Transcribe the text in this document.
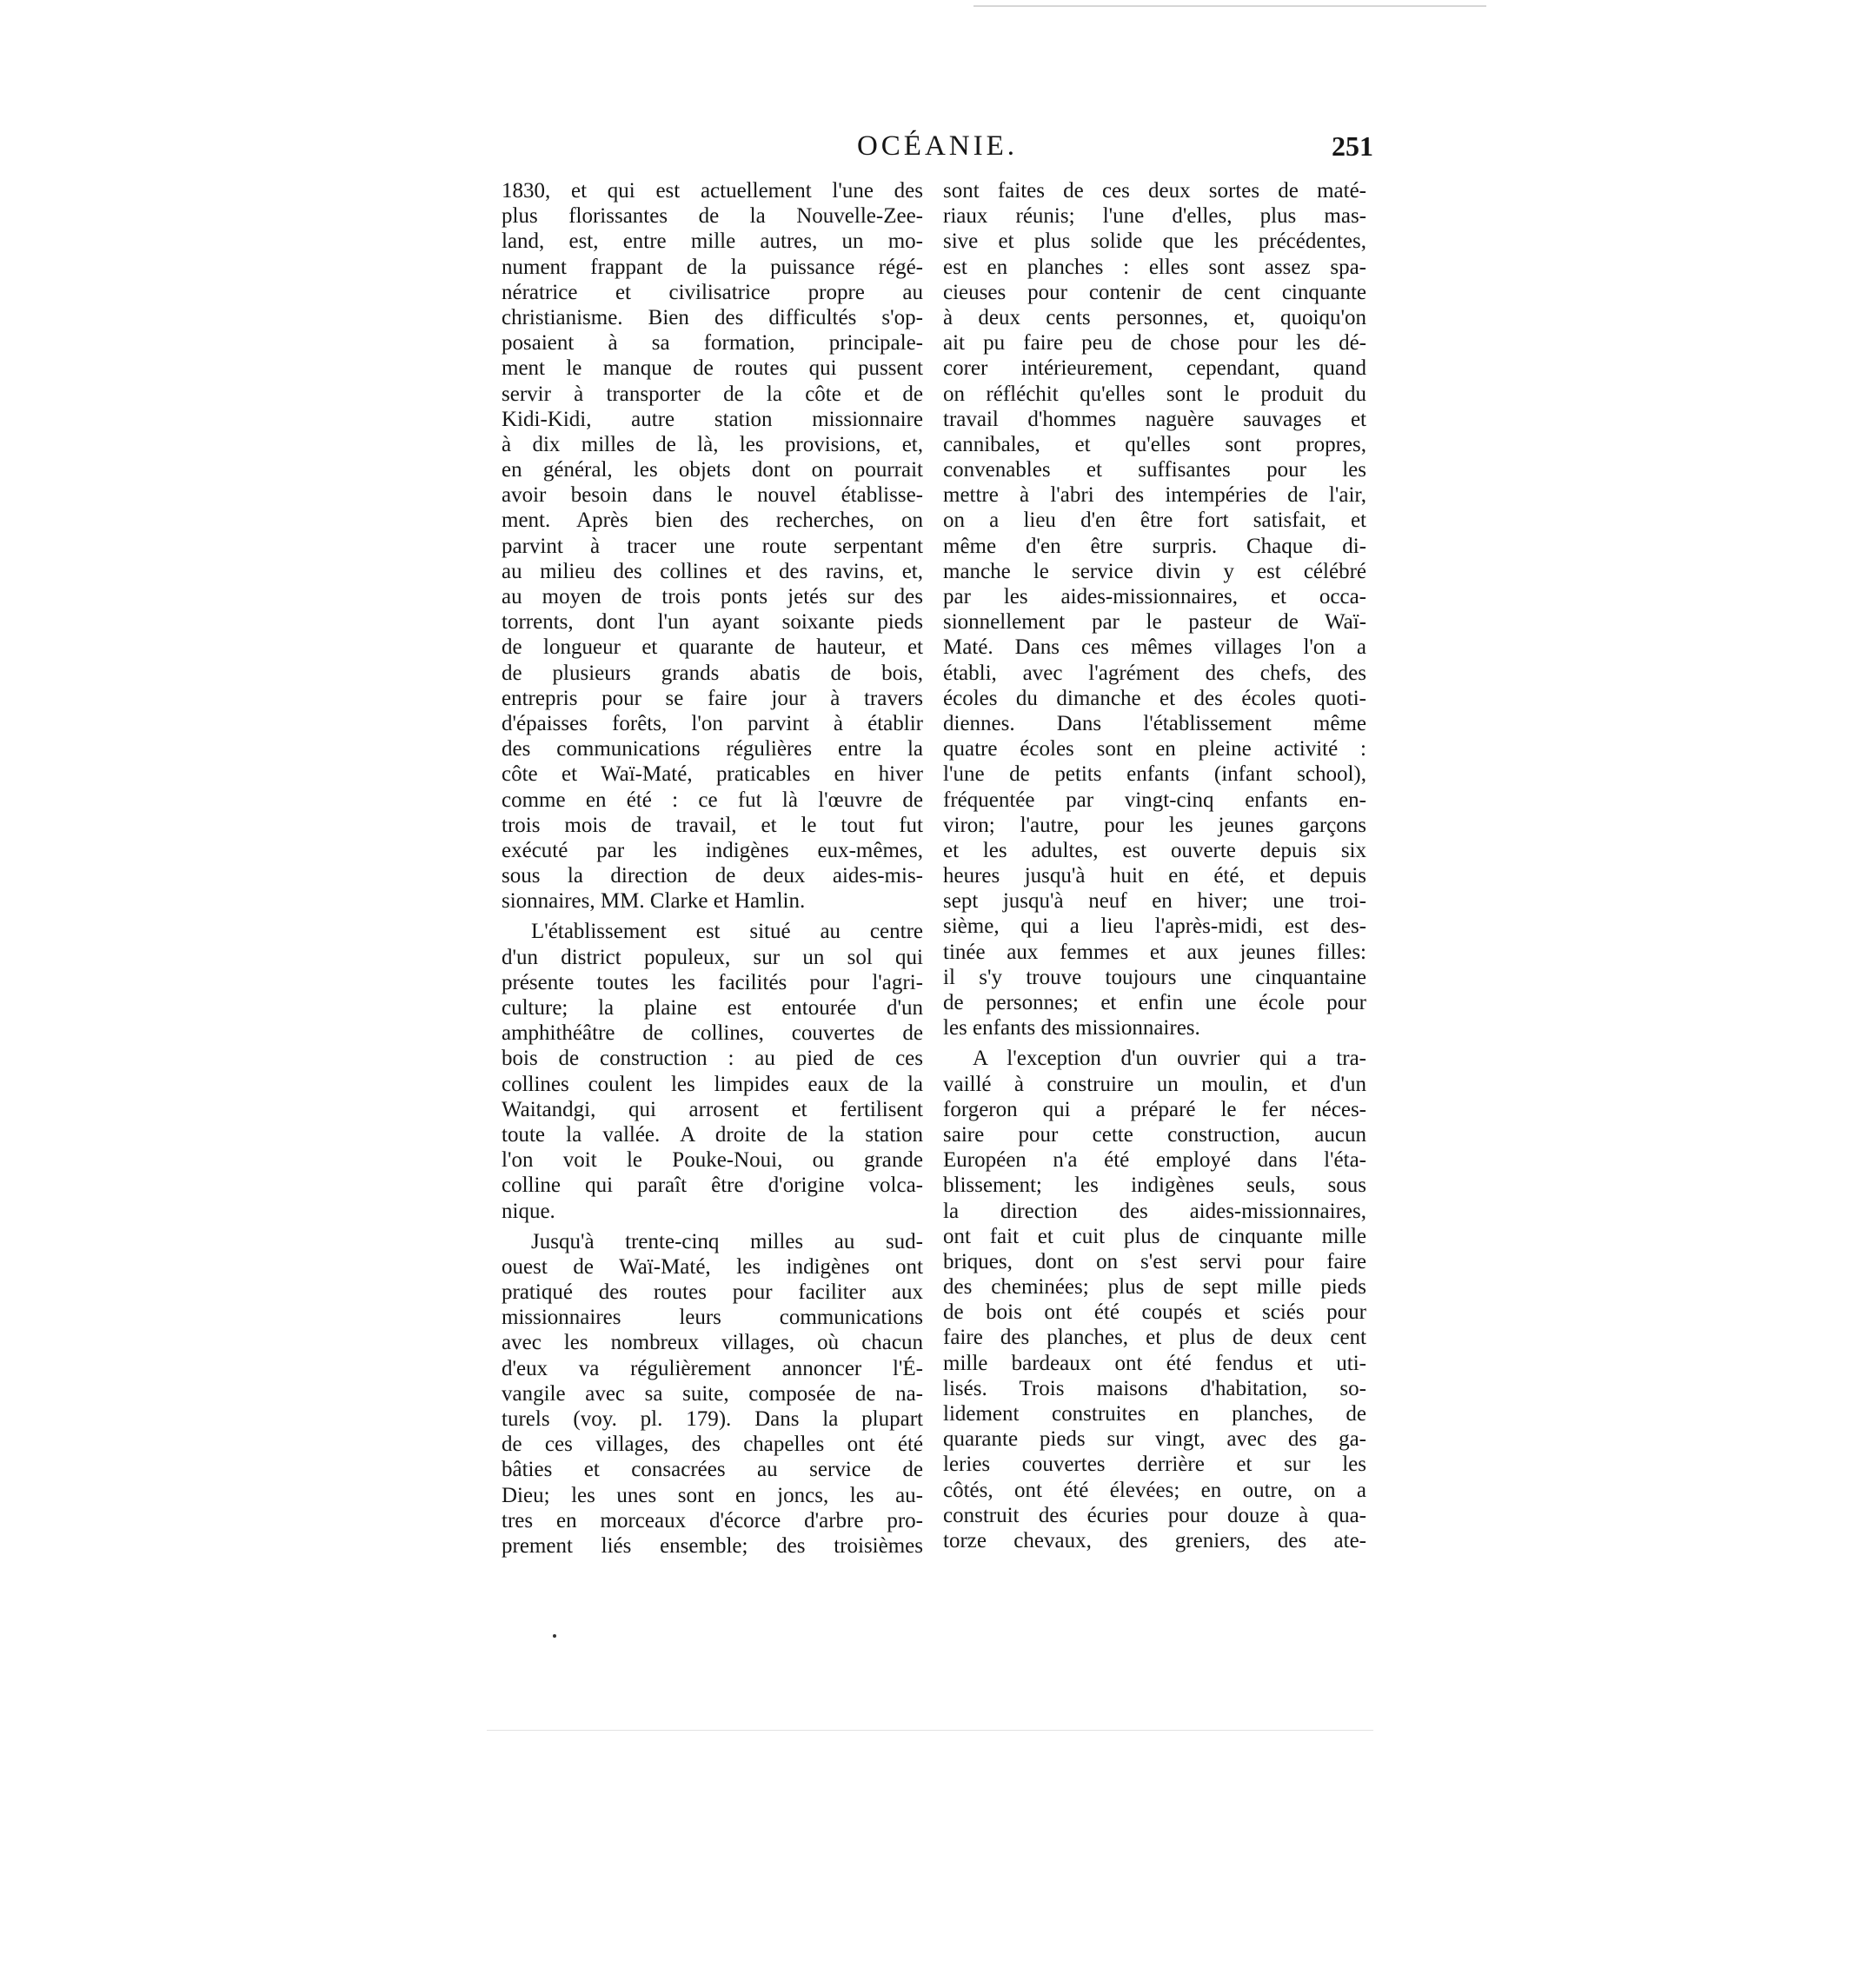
OCÉANIE.	251
1830, et qui est actuellement l'une des
plus florissantes de la Nouvelle-Zee-
land, est, entre mille autres, un mo-
nument frappant de la puissance régé-
nératrice et civilisatrice propre au
christianisme. Bien des difficultés s'op-
posaient à sa formation, principale-
ment le manque de routes qui pussent
servir à transporter de la côte et de
Kidi-Kidi, autre station missionnaire
à dix milles de là, les provisions, et,
en général, les objets dont on pourrait
avoir besoin dans le nouvel établisse-
ment. Après bien des recherches, on
parvint à tracer une route serpentant
au milieu des collines et des ravins, et,
au moyen de trois ponts jetés sur des
torrents, dont l'un ayant soixante pieds
de longueur et quarante de hauteur, et
de plusieurs grands abatis de bois,
entrepris pour se faire jour à travers
d'épaisses forêts, l'on parvint à établir
des communications régulières entre la
côte et Waï-Maté, praticables en hiver
comme en été : ce fut là l'œuvre de
trois mois de travail, et le tout fut
exécuté par les indigènes eux-mêmes,
sous la direction de deux aides-mis-
sionnaires, MM. Clarke et Hamlin.
L'établissement est situé au centre
d'un district populeux, sur un sol qui
présente toutes les facilités pour l'agri-
culture; la plaine est entourée d'un
amphithéâtre de collines, couvertes de
bois de construction : au pied de ces
collines coulent les limpides eaux de la
Waitandgi, qui arrosent et fertilisent
toute la vallée. A droite de la station
l'on voit le Pouke-Noui, ou grande
colline qui paraît être d'origine volca-
nique.
Jusqu'à trente-cinq milles au sud-
ouest de Waï-Maté, les indigènes ont
pratiqué des routes pour faciliter aux
missionnaires leurs communications
avec les nombreux villages, où chacun
d'eux va régulièrement annoncer l'É-
vangile avec sa suite, composée de na-
turels (voy. pl. 179). Dans la plupart
de ces villages, des chapelles ont été
bâties et consacrées au service de
Dieu; les unes sont en joncs, les au-
tres en morceaux d'écorce d'arbre pro-
prement liés ensemble; des troisièmes
sont faites de ces deux sortes de maté-
riaux réunis; l'une d'elles, plus mas-
sive et plus solide que les précédentes,
est en planches : elles sont assez spa-
cieuses pour contenir de cent cinquante
à deux cents personnes, et, quoiqu'on
ait pu faire peu de chose pour les dé-
corer intérieurement, cependant, quand
on réfléchit qu'elles sont le produit du
travail d'hommes naguère sauvages et
cannibales, et qu'elles sont propres,
convenables et suffisantes pour les
mettre à l'abri des intempéries de l'air,
on a lieu d'en être fort satisfait, et
même d'en être surpris. Chaque di-
manche le service divin y est célébré
par les aides-missionnaires, et occa-
sionnellement par le pasteur de Waï-
Maté. Dans ces mêmes villages l'on a
établi, avec l'agrément des chefs, des
écoles du dimanche et des écoles quoti-
diennes. Dans l'établissement même
quatre écoles sont en pleine activité :
l'une de petits enfants (infant school),
fréquentée par vingt-cinq enfants en-
viron; l'autre, pour les jeunes garçons
et les adultes, est ouverte depuis six
heures jusqu'à huit en été, et depuis
sept jusqu'à neuf en hiver; une troi-
sième, qui a lieu l'après-midi, est des-
tinée aux femmes et aux jeunes filles:
il s'y trouve toujours une cinquantaine
de personnes; et enfin une école pour
les enfants des missionnaires.
A l'exception d'un ouvrier qui a tra-
vaillé à construire un moulin, et d'un
forgeron qui a préparé le fer néces-
saire pour cette construction, aucun
Européen n'a été employé dans l'éta-
blissement; les indigènes seuls, sous
la direction des aides-missionnaires,
ont fait et cuit plus de cinquante mille
briques, dont on s'est servi pour faire
des cheminées; plus de sept mille pieds
de bois ont été coupés et sciés pour
faire des planches, et plus de deux cent
mille bardeaux ont été fendus et uti-
lisés. Trois maisons d'habitation, so-
lidement construites en planches, de
quarante pieds sur vingt, avec des ga-
leries couvertes derrière et sur les
côtés, ont été élevées; en outre, on a
construit des écuries pour douze à qua-
torze chevaux, des greniers, des ate-
